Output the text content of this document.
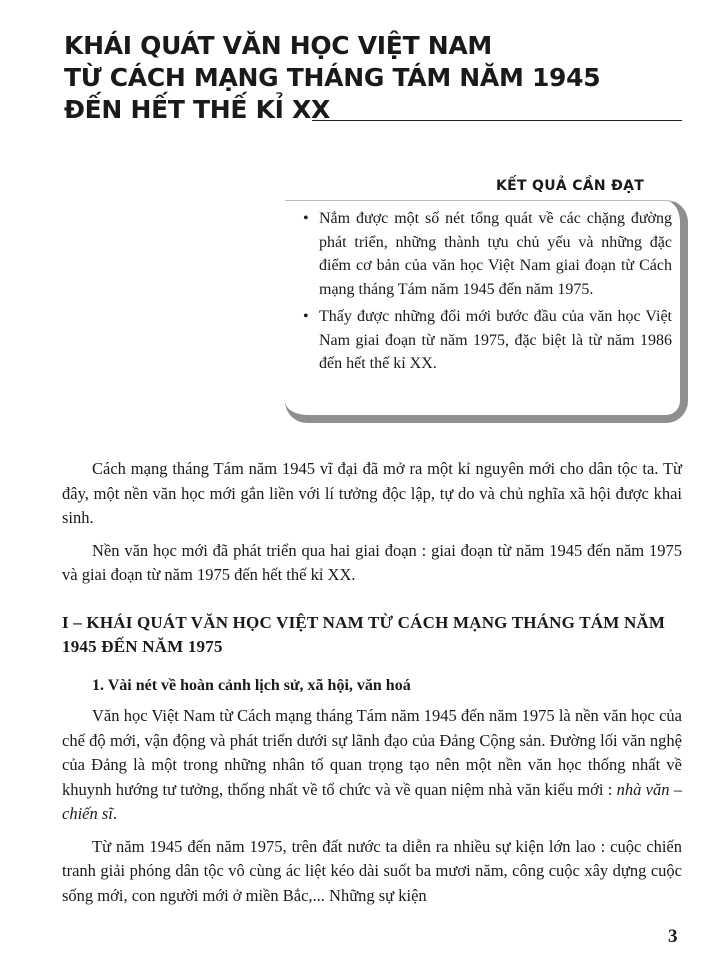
KHÁI QUÁT VĂN HỌC VIỆT NAM
TỪ CÁCH MẠNG THÁNG TÁM NĂM 1945
ĐẾN HẾT THẾ KỈ XX
KẾT QUẢ CẦN ĐẠT
• Nắm được một số nét tổng quát về các chặng đường phát triển, những thành tựu chủ yếu và những đặc điểm cơ bản của văn học Việt Nam giai đoạn từ Cách mạng tháng Tám năm 1945 đến năm 1975.
• Thấy được những đổi mới bước đầu của văn học Việt Nam giai đoạn từ năm 1975, đặc biệt là từ năm 1986 đến hết thế kỉ XX.

Cách mạng tháng Tám năm 1945 vĩ đại đã mở ra một kỉ nguyên mới cho dân tộc ta. Từ đây, một nền văn học mới gắn liền với lí tưởng độc lập, tự do và chủ nghĩa xã hội được khai sinh.

Nền văn học mới đã phát triển qua hai giai đoạn : giai đoạn từ năm 1945 đến năm 1975 và giai đoạn từ năm 1975 đến hết thế kỉ XX.

I – KHÁI QUÁT VĂN HỌC VIỆT NAM TỪ CÁCH MẠNG THÁNG TÁM NĂM 1945 ĐẾN NĂM 1975
1. Vài nét về hoàn cảnh lịch sử, xã hội, văn hoá

Văn học Việt Nam từ Cách mạng tháng Tám năm 1945 đến năm 1975 là nền văn học của chế độ mới, vận động và phát triển dưới sự lãnh đạo của Đảng Cộng sản. Đường lối văn nghệ của Đảng là một trong những nhân tố quan trọng tạo nên một nền văn học thống nhất về khuynh hướng tư tưởng, thống nhất về tổ chức và về quan niệm nhà văn kiểu mới : nhà văn – chiến sĩ.

Từ năm 1945 đến năm 1975, trên đất nước ta diễn ra nhiều sự kiện lớn lao : cuộc chiến tranh giải phóng dân tộc vô cùng ác liệt kéo dài suốt ba mươi năm, công cuộc xây dựng cuộc sống mới, con người mới ở miền Bắc,... Những sự kiện

3
